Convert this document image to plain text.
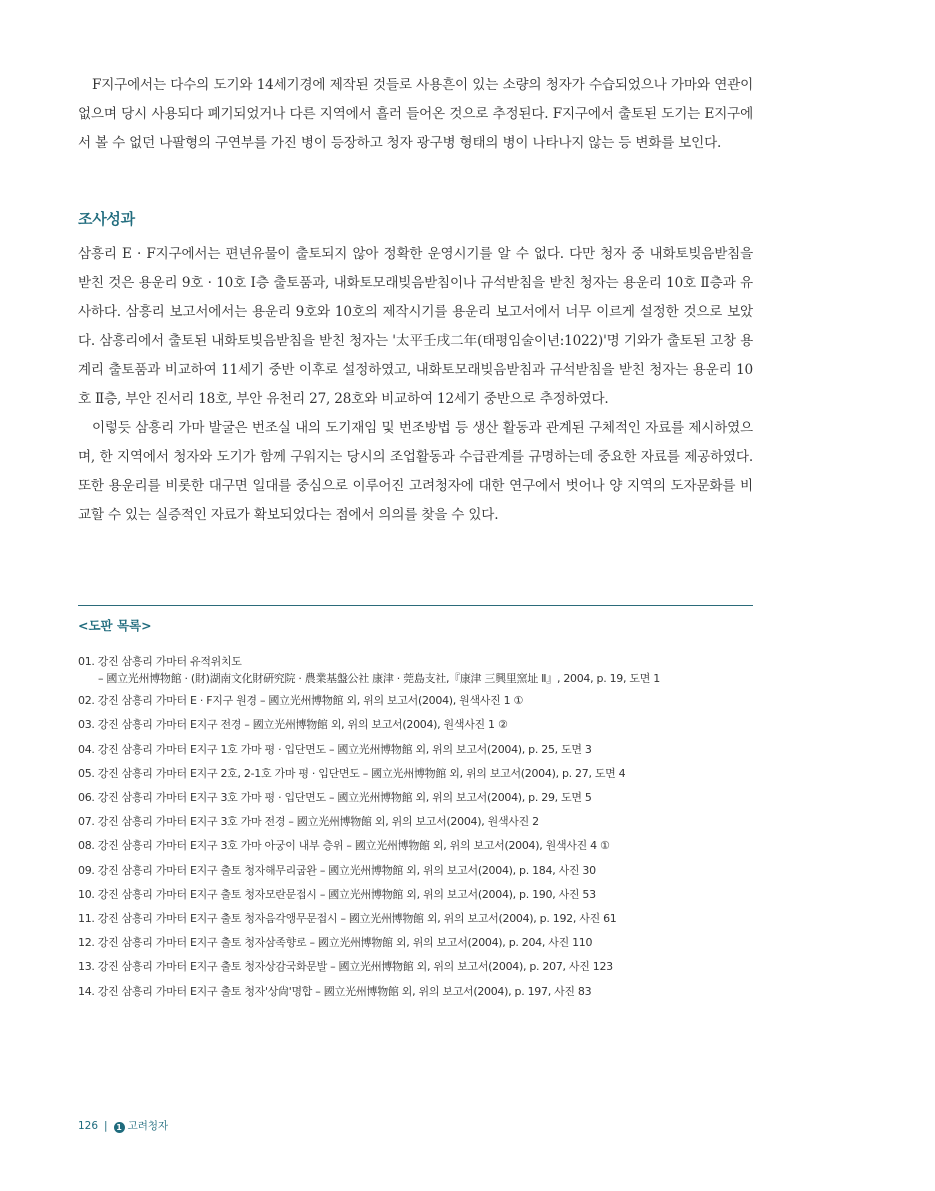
F지구에서는 다수의 도기와 14세기경에 제작된 것들로 사용흔이 있는 소량의 청자가 수습되었으나 가마와 연관이 없으며 당시 사용되다 폐기되었거나 다른 지역에서 흘러 들어온 것으로 추정된다. F지구에서 출토된 도기는 E지구에서 볼 수 없던 나팔형의 구연부를 가진 병이 등장하고 청자 광구병 형태의 병이 나타나지 않는 등 변화를 보인다.

조사성과

삼흥리 E · F지구에서는 편년유물이 출토되지 않아 정확한 운영시기를 알 수 없다. 다만 청자 중 내화토빚음받침을 받친 것은 용운리 9호 · 10호 Ⅰ층 출토품과, 내화토모래빚음받침이나 규석받침을 받친 청자는 용운리 10호 Ⅱ층과 유사하다. 삼흥리 보고서에서는 용운리 9호와 10호의 제작시기를 용운리 보고서에서 너무 이르게 설정한 것으로 보았다. 삼흥리에서 출토된 내화토빚음받침을 받친 청자는 '太平壬戌二年(태평임술이년:1022)'명 기와가 출토된 고창 용계리 출토품과 비교하여 11세기 중반 이후로 설정하였고, 내화토모래빚음받침과 규석받침을 받친 청자는 용운리 10호 Ⅱ층, 부안 진서리 18호, 부안 유천리 27, 28호와 비교하여 12세기 중반으로 추정하였다.

이렇듯 삼흥리 가마 발굴은 번조실 내의 도기재임 및 번조방법 등 생산 활동과 관계된 구체적인 자료를 제시하였으며, 한 지역에서 청자와 도기가 함께 구워지는 당시의 조업활동과 수급관계를 규명하는데 중요한 자료를 제공하였다. 또한 용운리를 비롯한 대구면 일대를 중심으로 이루어진 고려청자에 대한 연구에서 벗어나 양 지역의 도자문화를 비교할 수 있는 실증적인 자료가 확보되었다는 점에서 의의를 찾을 수 있다.

<도판 목록>
01. 강진 삼흥리 가마터 유적위치도
– 國立光州博物館 · (財)湖南文化財硏究院 · 農業基盤公社 康津 · 莞島支社,『康津 三興里窯址 Ⅱ』, 2004, p. 19, 도면 1
02. 강진 삼흥리 가마터 E · F지구 원경 – 國立光州博物館 외, 위의 보고서(2004), 원색사진 1 ①
03. 강진 삼흥리 가마터 E지구 전경 – 國立光州博物館 외, 위의 보고서(2004), 원색사진 1 ②
04. 강진 삼흥리 가마터 E지구 1호 가마 평 · 입단면도 – 國立光州博物館 외, 위의 보고서(2004), p. 25, 도면 3
05. 강진 삼흥리 가마터 E지구 2호, 2-1호 가마 평 · 입단면도 – 國立光州博物館 외, 위의 보고서(2004), p. 27, 도면 4
06. 강진 삼흥리 가마터 E지구 3호 가마 평 · 입단면도 – 國立光州博物館 외, 위의 보고서(2004), p. 29, 도면 5
07. 강진 삼흥리 가마터 E지구 3호 가마 전경 – 國立光州博物館 외, 위의 보고서(2004), 원색사진 2
08. 강진 삼흥리 가마터 E지구 3호 가마 아궁이 내부 층위 – 國立光州博物館 외, 위의 보고서(2004), 원색사진 4 ①
09. 강진 삼흥리 가마터 E지구 출토 청자해무리굽완 – 國立光州博物館 외, 위의 보고서(2004), p. 184, 사진 30
10. 강진 삼흥리 가마터 E지구 출토 청자모란문접시 – 國立光州博物館 외, 위의 보고서(2004), p. 190, 사진 53
11. 강진 삼흥리 가마터 E지구 출토 청자음각앵무문접시 – 國立光州博物館 외, 위의 보고서(2004), p. 192, 사진 61
12. 강진 삼흥리 가마터 E지구 출토 청자삼족향로 – 國立光州博物館 외, 위의 보고서(2004), p. 204, 사진 110
13. 강진 삼흥리 가마터 E지구 출토 청자상감국화문발 – 國立光州博物館 외, 위의 보고서(2004), p. 207, 사진 123
14. 강진 삼흥리 가마터 E지구 출토 청자'상尙'명합 – 國立光州博物館 외, 위의 보고서(2004), p. 197, 사진 83
126 | 1 고려청자
